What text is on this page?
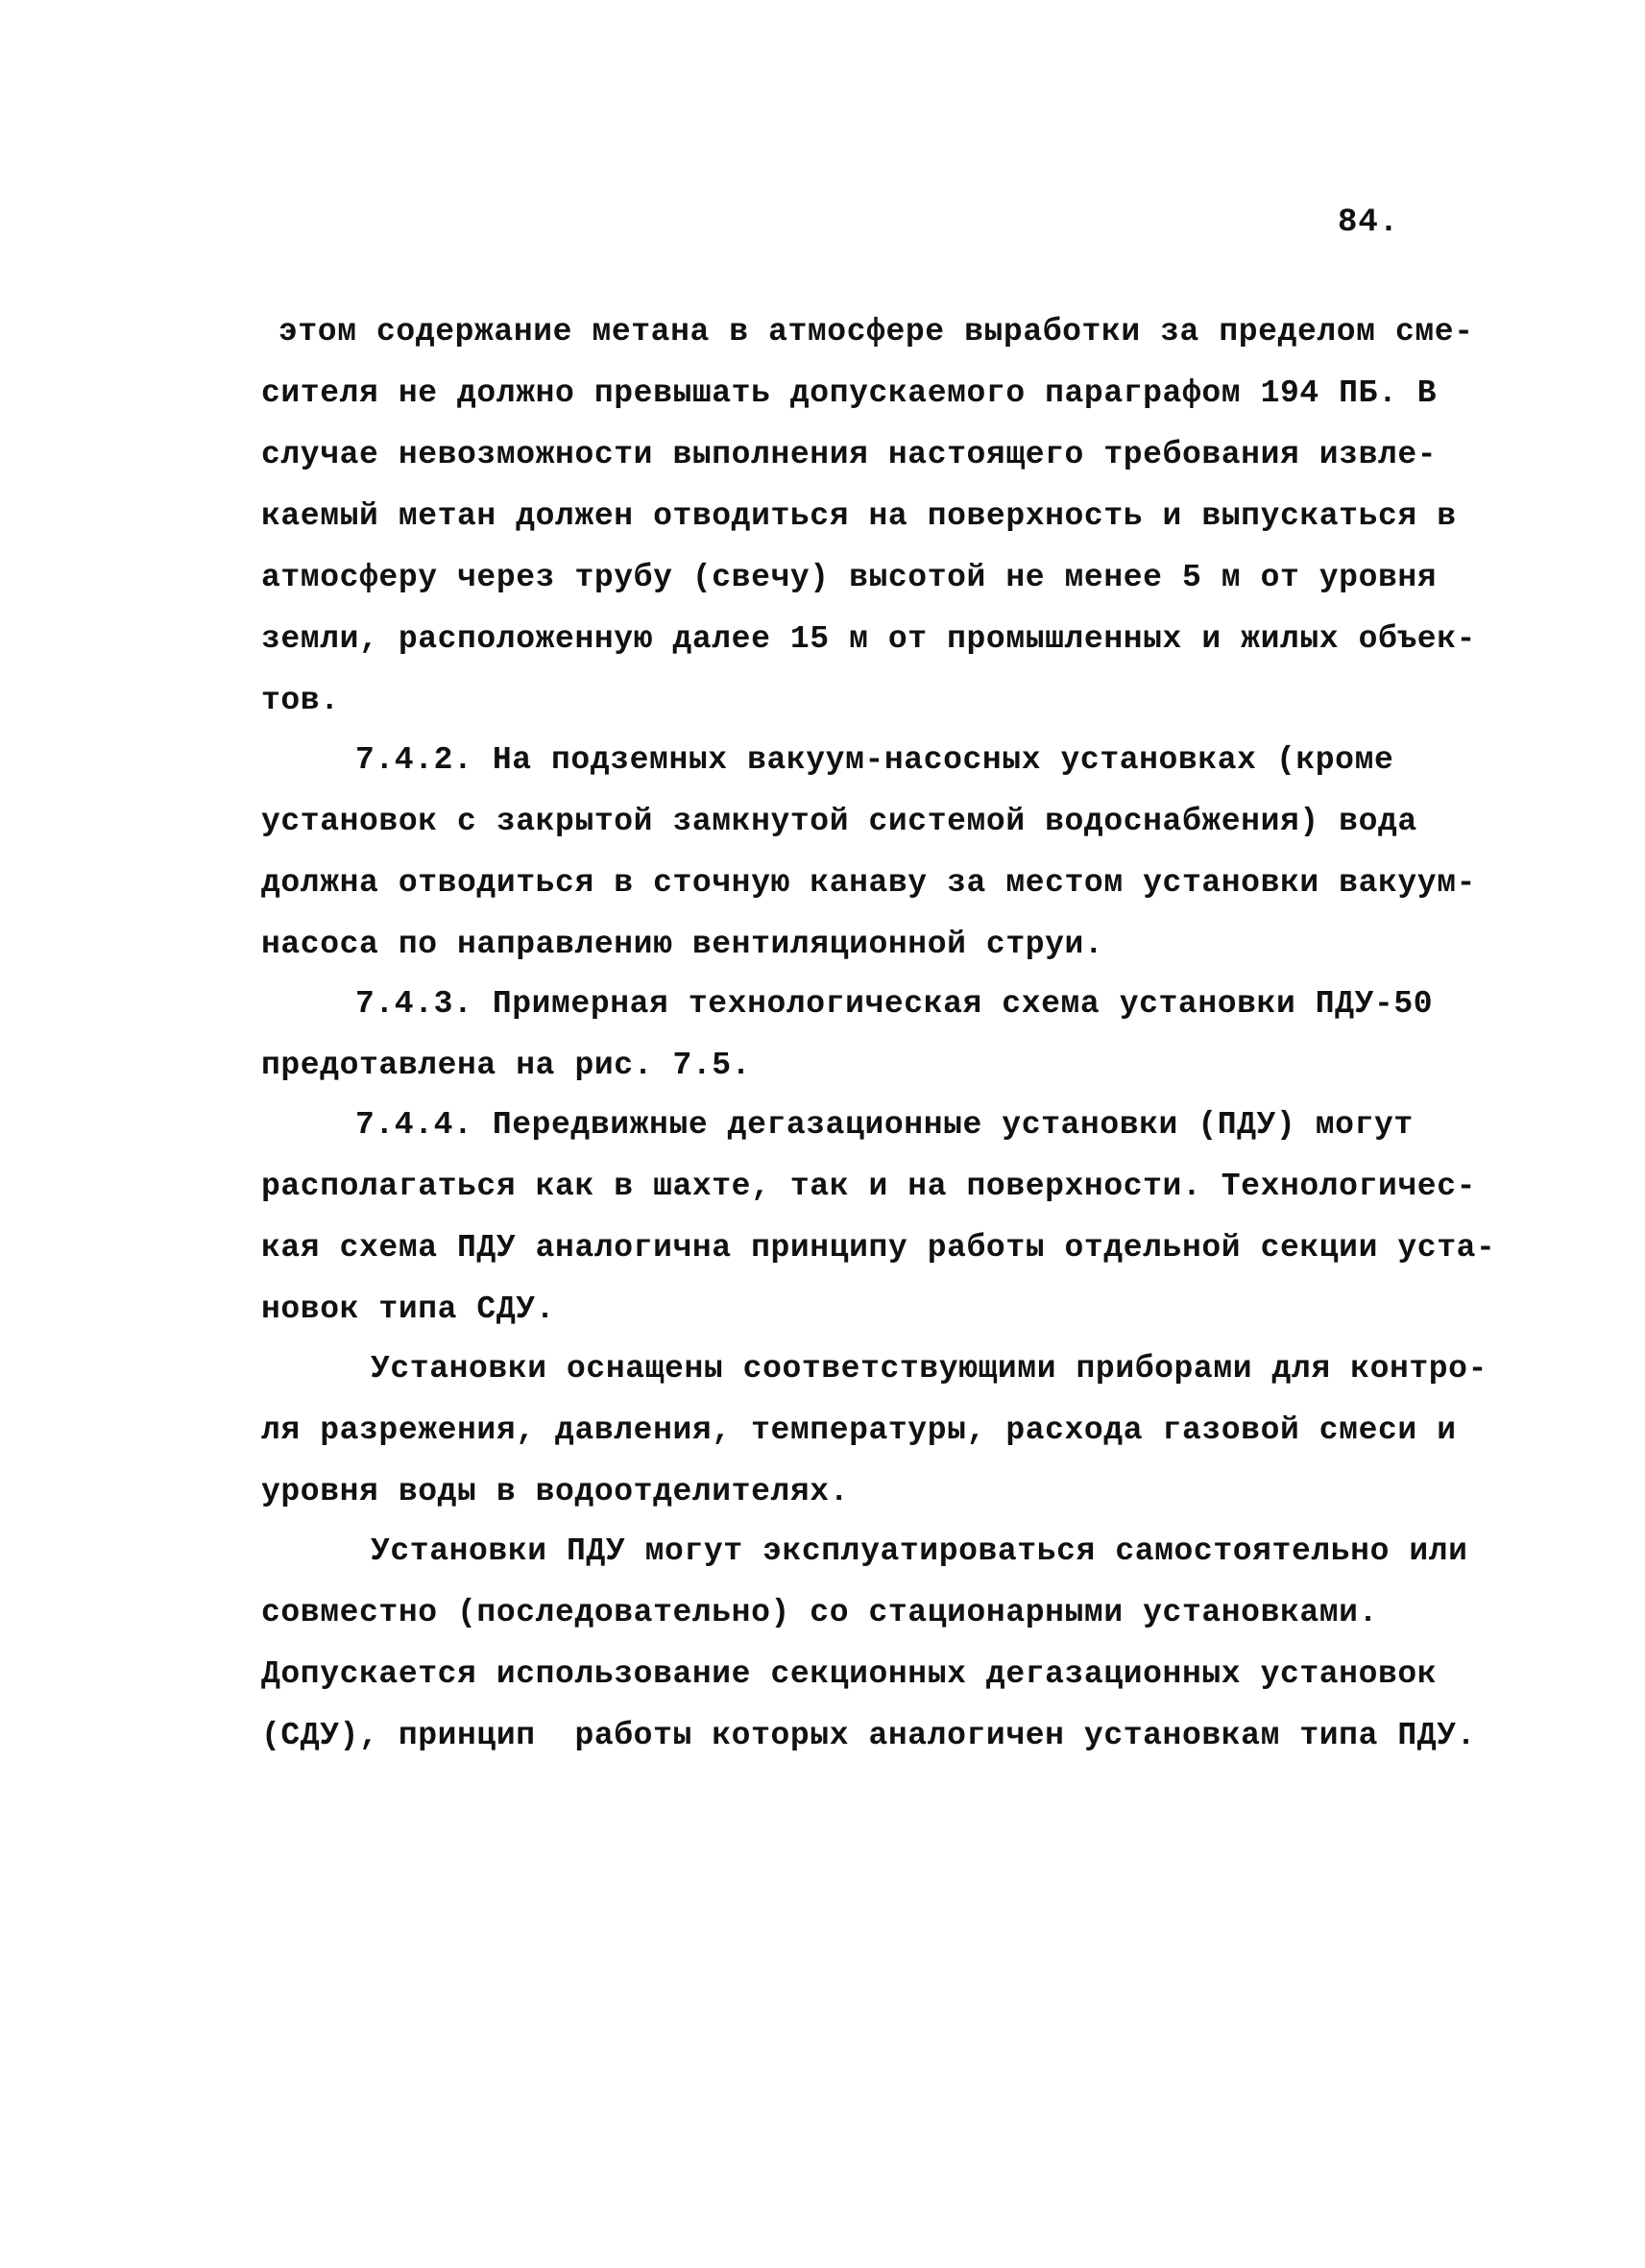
84.
этом содержание метана в атмосфере выработки за пределом сме-
сителя не должно превышать допускаемого параграфом 194 ПБ. В
случае невозможности выполнения настоящего требования извле-
каемый метан должен отводиться на поверхность и выпускаться в
атмосферу через трубу (свечу) высотой не менее 5 м от уровня
земли, расположенную далее 15 м от промышленных и жилых объек-
тов.
7.4.2. На подземных вакуум-насосных установках (кроме
установок с закрытой замкнутой системой водоснабжения) вода
должна отводиться в сточную канаву за местом установки вакуум-
насоса по направлению вентиляционной струи.
7.4.3. Примерная технологическая схема установки ПДУ-50
предотавлена на рис. 7.5.
7.4.4. Передвижные дегазационные установки (ПДУ) могут
располагаться как в шахте, так и на поверхности. Технологичес-
кая схема ПДУ аналогична принципу работы отдельной секции уста-
новок типа СДУ.
Установки оснащены соответствующими приборами для контро-
ля разрежения, давления, температуры, расхода газовой смеси и
уровня воды в водоотделителях.
Установки ПДУ могут эксплуатироваться самостоятельно или
совместно (последовательно) со стационарными установками.
Допускается использование секционных дегазационных установок
(СДУ), принцип  работы которых аналогичен установкам типа ПДУ.
